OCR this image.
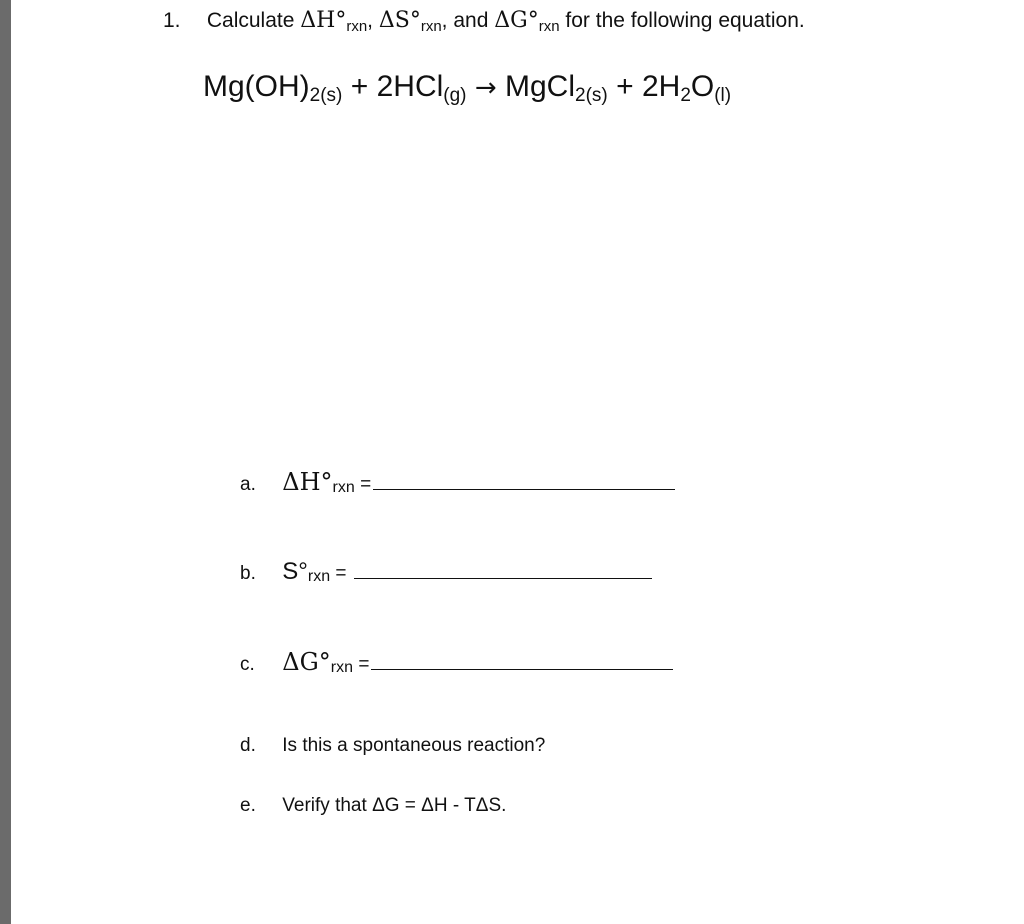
1. Calculate ΔH°rxn, ΔS°rxn, and ΔG°rxn for the following equation.
Mg(OH)2(s) + 2HCl(g) → MgCl2(s) + 2H2O(l)
a. ΔH°rxn =
b. S°rxn =
c. ΔG°rxn =
d. Is this a spontaneous reaction?
e. Verify that ΔG = ΔH - TΔS.
